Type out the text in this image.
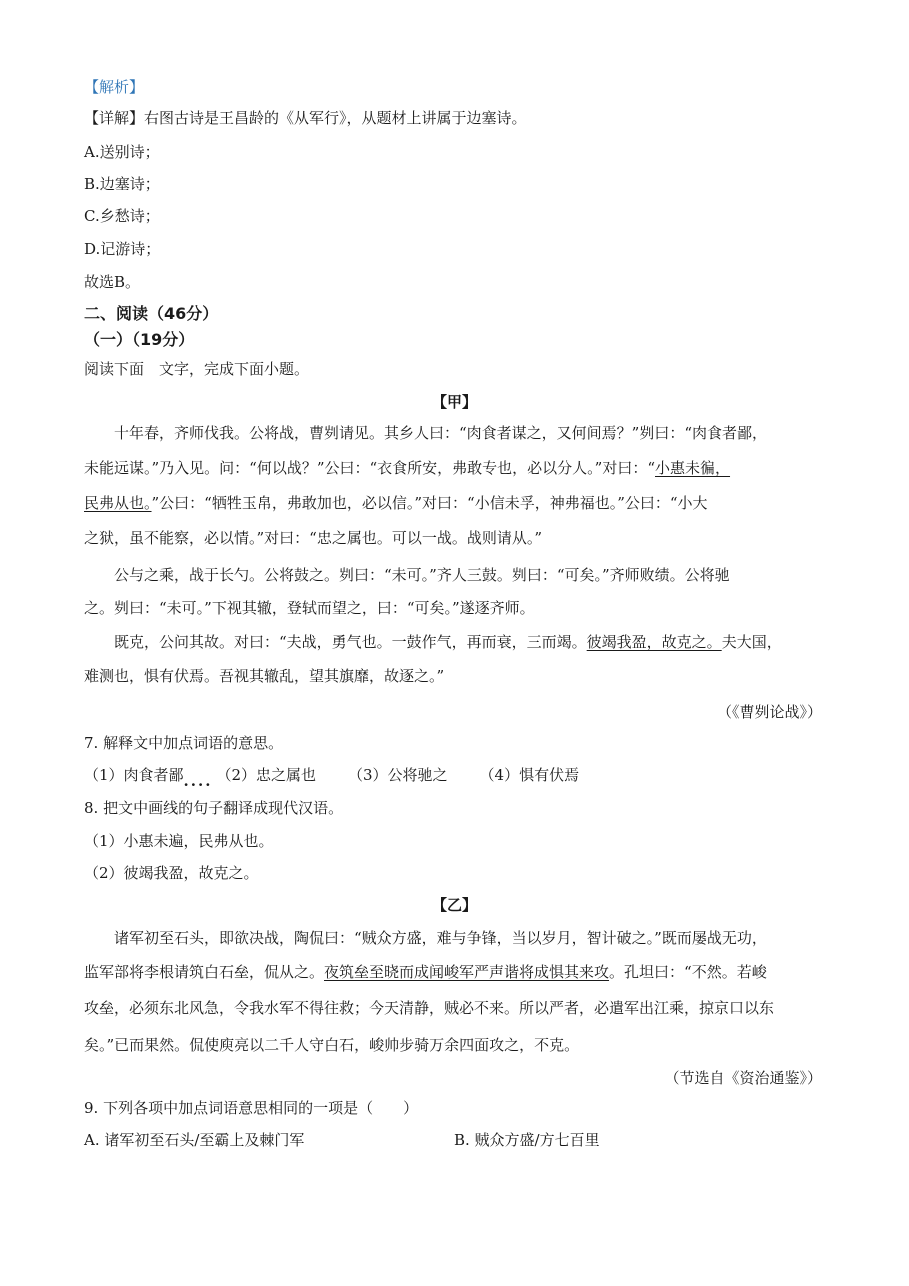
【解析】
【详解】右图古诗是王昌龄的《从军行》，从题材上讲属于边塞诗。
A.送别诗；
B.边塞诗；
C.乡愁诗；
D.记游诗；
故选B。
二、阅读（46分）
（一）（19分）
阅读下面　文字，完成下面小题。
【甲】
十年春，齐师伐我。公将战，曹刿请见。其乡人曰：“肉食者谋之，又何间焉？”刿曰：“肉食者鄙，
未能远谋。”乃入见。问：“何以战？”公曰：“衣食所安，弗敢专也，必以分人。”对曰：“小惠未徧，
民弗从也。”公曰：“牺牲玉帛，弗敢加也，必以信。”对曰：“小信未孚，神弗福也。”公曰：“小大
之狱，虽不能察，必以情。”对曰：“忠之属也。可以一战。战则请从。”
公与之乘，战于长勺。公将鼓之。刿曰：“未可。”齐人三鼓。刿曰：“可矣。”齐师败绩。公将驰
之。刿曰：“未可。”下视其辙，登轼而望之，曰：“可矣。”遂逐齐师。
既克，公问其故。对曰：“夫战，勇气也。一鼓作气，再而衰，三而竭。彼竭我盈，故克之。夫大国，
难测也，惧有伏焉。吾视其辙乱，望其旗靡，故逐之。”
（《曹刿论战》）
7. 解释文中加点词语的意思。
（1）肉食者鄙.... （2）忠之属也 （3）公将驰之 （4）惧有伏焉
8. 把文中画线的句子翻译成现代汉语。
（1）小惠未遍，民弗从也。
（2）彼竭我盈，故克之。
【乙】
诸军初至石头，即欲决战，陶侃曰：“贼众方盛，难与争锋，当以岁月，智计破之。”既而屡战无功，
监军部将李根请筑白石垒，侃从之。夜筑垒至晓而成闻峻军严声谐将成惧其来攻。孔坦曰：“不然。若峻
攻垒，必须东北风急，令我水军不得往救；今天清静，贼必不来。所以严者，必遣军出江乘，掠京口以东
矣。”已而果然。侃使庾亮以二千人守白石，峻帅步骑万余四面攻之，不克。
（节选自《资治通鉴》）
9. 下列各项中加点词语意思相同的一项是（　　）
A. 诸军初至石头/至霸上及棘门军	B. 贼众方盛/方七百里
